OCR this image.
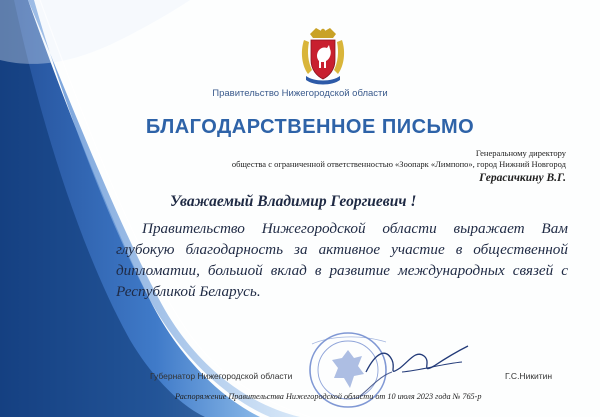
Правительство Нижегородской области
БЛАГОДАРСТВЕННОЕ ПИСЬМО
Генеральному директору
общества с ограниченной ответственностью «Зоопарк «Лимпопо», город Нижний Новгород
Герасичкину В.Г.
Уважаемый Владимир Георгиевич !
Правительство Нижегородской области выражает Вам глубокую благодарность за активное участие в общественной дипломатии, большой вклад в развитие международных связей с Республикой Беларусь.
Губернатор Нижегородской области	Г.С.Никитин
Распоряжение Правительства Нижегородской области от 10 июля 2023 года № 765-р
